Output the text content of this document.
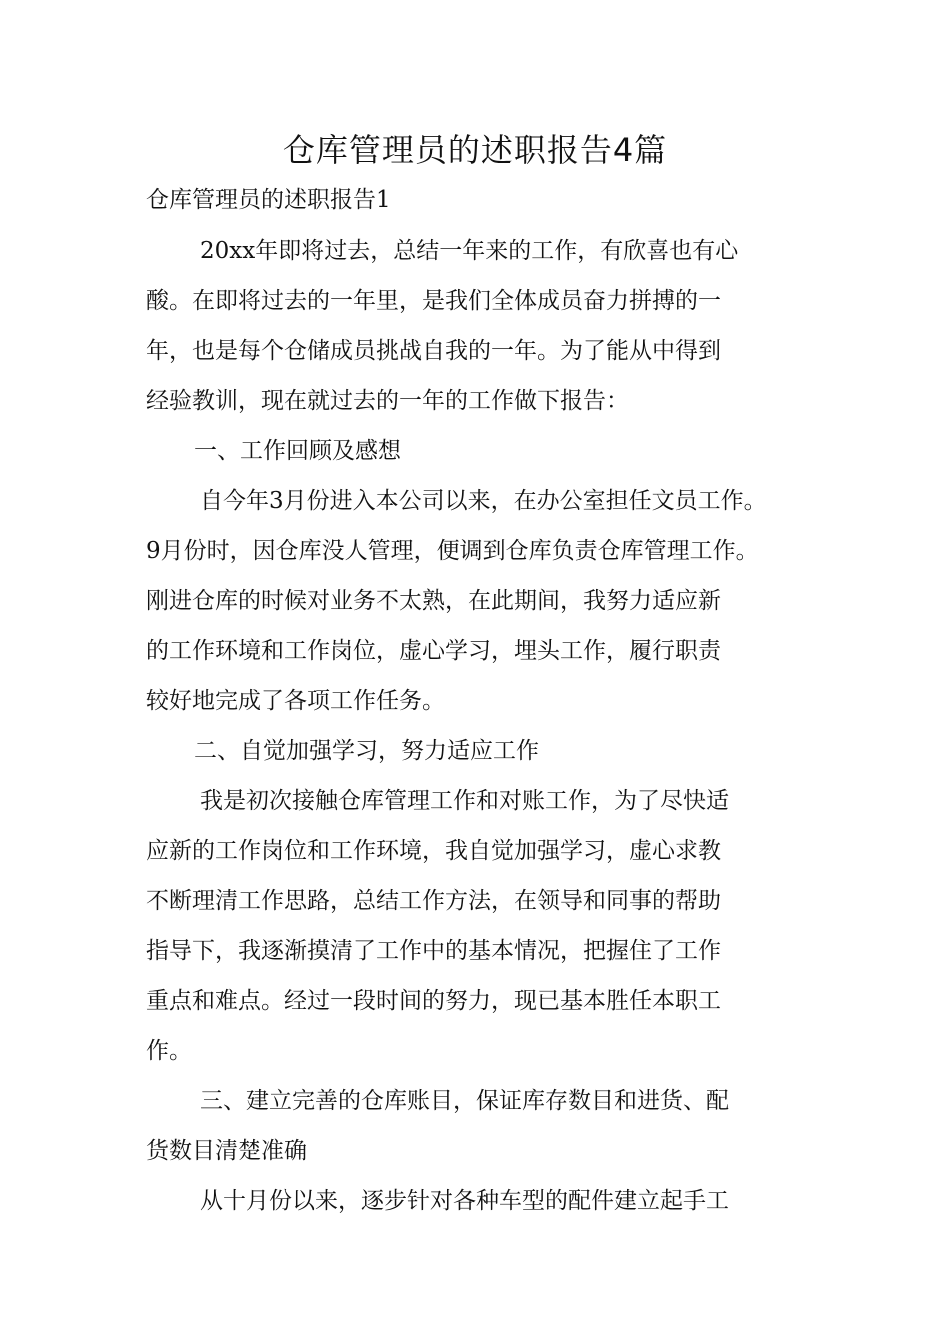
仓库管理员的述职报告4篇

仓库管理员的述职报告1

20xx年即将过去，总结一年来的工作，有欣喜也有心
酸。在即将过去的一年里，是我们全体成员奋力拼搏的一
年，也是每个仓储成员挑战自我的一年。为了能从中得到
经验教训，现在就过去的一年的工作做下报告：
一、工作回顾及感想
自今年3月份进入本公司以来，在办公室担任文员工作。
9月份时，因仓库没人管理，便调到仓库负责仓库管理工作。
刚进仓库的时候对业务不太熟，在此期间，我努力适应新
的工作环境和工作岗位，虚心学习，埋头工作，履行职责
较好地完成了各项工作任务。
二、自觉加强学习，努力适应工作
我是初次接触仓库管理工作和对账工作，为了尽快适
应新的工作岗位和工作环境，我自觉加强学习，虚心求教
不断理清工作思路，总结工作方法，在领导和同事的帮助
指导下，我逐渐摸清了工作中的基本情况，把握住了工作
重点和难点。经过一段时间的努力，现已基本胜任本职工
作。
三、建立完善的仓库账目，保证库存数目和进货、配
货数目清楚准确
从十月份以来，逐步针对各种车型的配件建立起手工
